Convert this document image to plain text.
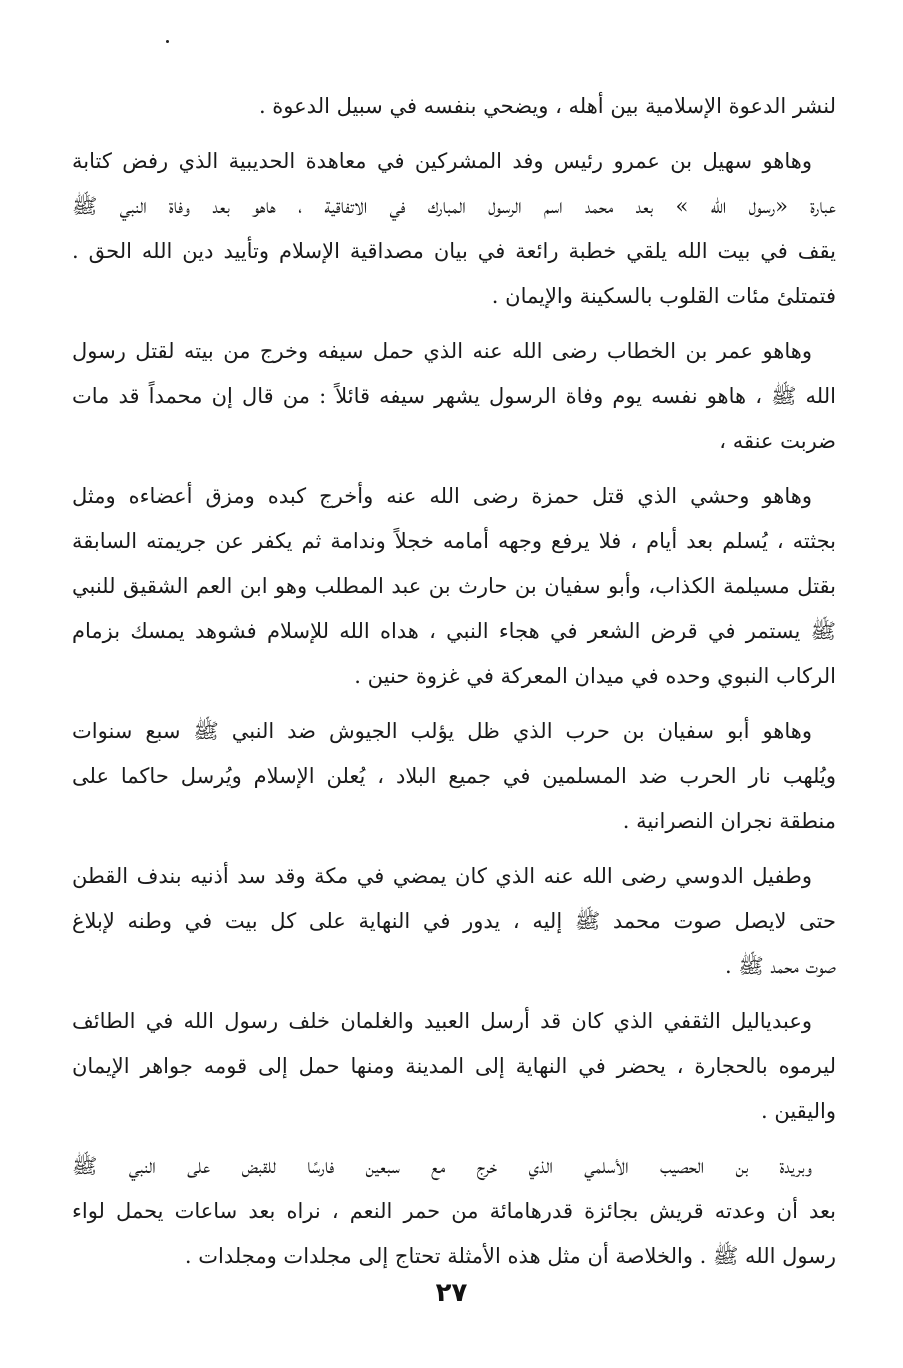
لنشر الدعوة الإسلامية بين أهله ، ويضحي بنفسه في سبيل الدعوة .
وهاهو سهيل بن عمرو رئيس وفد المشركين في معاهدة الحديبية الذي رفض كتابة
عبارة «رسول الله » بعد محمد اسم الرسول المبارك في الاتفاقية ، هاهو بعد وفاة النبي ﷺ
يقف في بيت الله يلقي خطبة رائعة في بيان مصداقية الإسلام وتأييد دين الله الحق .
فتمتلئ مئات القلوب بالسكينة والإيمان .
وهاهو عمر بن الخطاب رضى الله عنه الذي حمل سيفه وخرج من بيته لقتل رسول
الله ﷺ ، هاهو نفسه يوم وفاة الرسول يشهر سيفه قائلاً : من قال إن محمداً قد مات
ضربت عنقه ،
وهاهو وحشي الذي قتل حمزة رضى الله عنه وأخرج كبده ومزق أعضاءه ومثل
بجثته ، يُسلم بعد أيام ، فلا يرفع وجهه أمامه خجلاً وندامة ثم يكفر عن جريمته السابقة
بقتل مسيلمة الكذاب، وأبو سفيان بن حارث بن عبد المطلب وهو ابن العم الشقيق للنبي
ﷺ يستمر في قرض الشعر في هجاء النبي ، هداه الله للإسلام فشوهد يمسك بزمام
الركاب النبوي وحده في ميدان المعركة في غزوة حنين .
وهاهو أبو سفيان بن حرب الذي ظل يؤلب الجيوش ضد النبي ﷺ سبع سنوات
ويُلهب نار الحرب ضد المسلمين في جميع البلاد ، يُعلن الإسلام ويُرسل حاكما على
منطقة نجران النصرانية .
وطفيل الدوسي رضى الله عنه الذي كان يمضي في مكة وقد سد أذنيه بندف القطن
حتى لايصل صوت محمد ﷺ إليه ، يدور في النهاية على كل بيت في وطنه لإبلاغ
صوت محمد ﷺ .
وعبدياليل الثقفي الذي كان قد أرسل العبيد والغلمان خلف رسول الله في الطائف
ليرموه بالحجارة ، يحضر في النهاية إلى المدينة ومنها حمل إلى قومه جواهر الإيمان
واليقين .
وبريدة بن الحصيب الأسلمي الذي خرج مع سبعين فارسًا للقبض على النبي ﷺ
بعد أن وعدته قريش بجائزة قدرهامائة من حمر النعم ، نراه بعد ساعات يحمل لواء
رسول الله ﷺ . والخلاصة أن مثل هذه الأمثلة تحتاج إلى مجلدات ومجلدات .
٢٧
